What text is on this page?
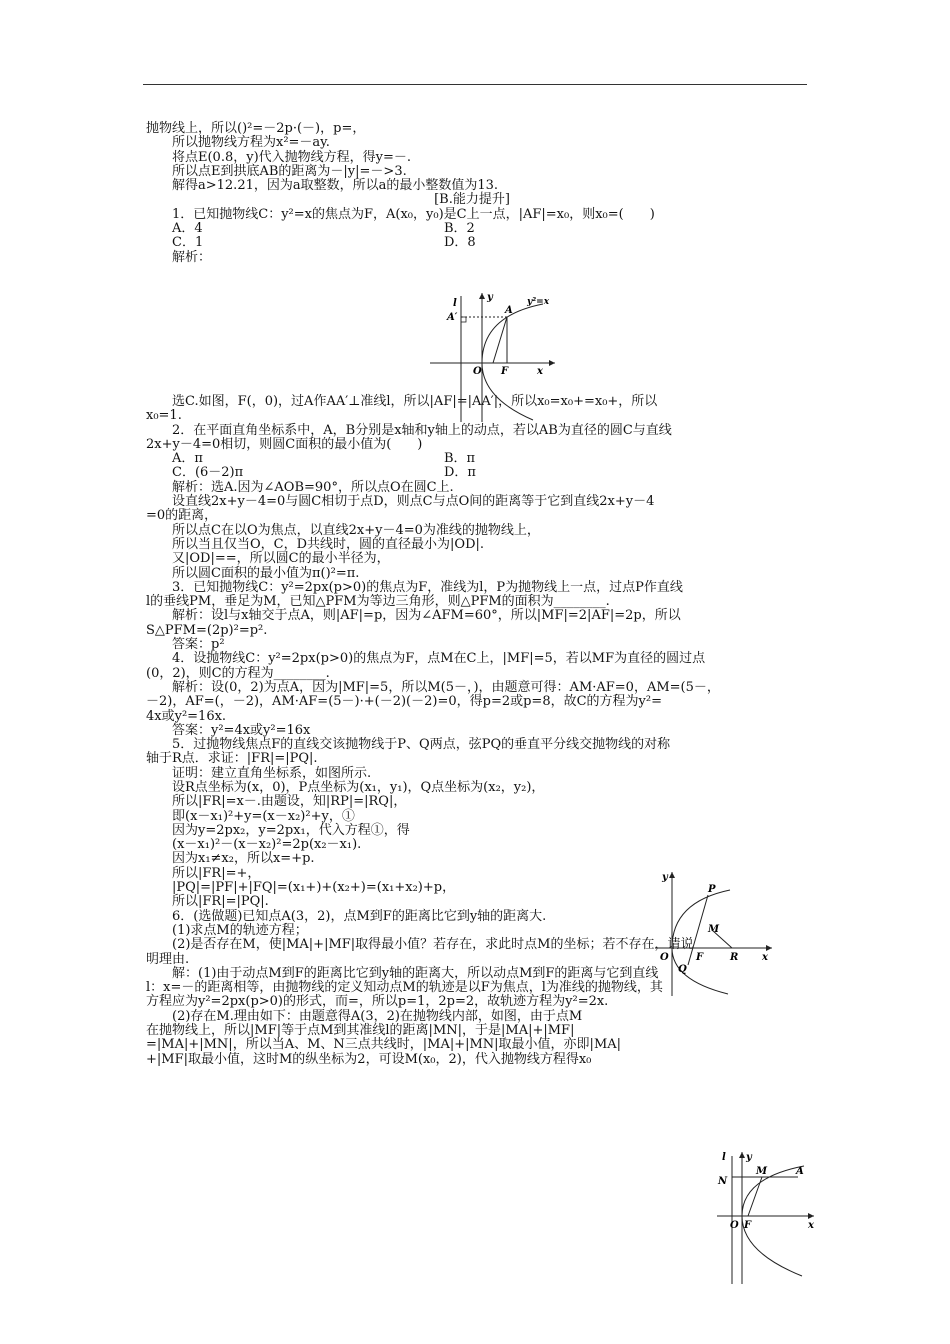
抛物线上，所以()²=－2p·(－)，p=，
所以抛物线方程为x²=－ay.
将点E(0.8，y)代入抛物线方程，得y=－.
所以点E到拱底AB的距离为－|y|=－>3.
解得a>12.21，因为a取整数，所以a的最小整数值为13.
[B.能力提升]
1．已知抛物线C：y²=x的焦点为F，A(x₀，y₀)是C上一点，|AF|=x₀，则x₀=(　　)
A．4	B．2
C．1	D．8
解析：
选C.如图，F(，0)，过A作AA′⊥准线l，所以|AF|=|AA′|，所以x₀=x₀+=x₀+，所以
x₀=1.
2．在平面直角坐标系中，A，B分别是x轴和y轴上的动点，若以AB为直径的圆C与直线
2x+y－4=0相切，则圆C面积的最小值为(　　)
A．π	B．π
C．(6－2)π	D．π
解析：选A.因为∠AOB=90°，所以点O在圆C上.
设直线2x+y－4=0与圆C相切于点D，则点C与点O间的距离等于它到直线2x+y－4
=0的距离，
所以点C在以O为焦点，以直线2x+y－4=0为准线的抛物线上，
所以当且仅当O，C，D共线时，圆的直径最小为|OD|.
又|OD|==，所以圆C的最小半径为，
所以圆C面积的最小值为π()²=π.
3．已知抛物线C：y²=2px(p>0)的焦点为F，准线为l，P为抛物线上一点，过点P作直线
l的垂线PM，垂足为M，已知△PFM为等边三角形，则△PFM的面积为________.
解析：设l与x轴交于点A，则|AF|=p，因为∠AFM=60°，所以|MF|=2|AF|=2p，所以
S△PFM=(2p)²=p².
答案：p²
4．设抛物线C：y²=2px(p>0)的焦点为F，点M在C上，|MF|=5，若以MF为直径的圆过点
(0，2)，则C的方程为________.
解析：设(0，2)为点A，因为|MF|=5，所以M(5－，)，由题意可得：AM·AF=0，AM=(5－，
－2)，AF=(，－2)，AM·AF=(5－)·+(－2)(－2)=0，得p=2或p=8，故C的方程为y²=
4x或y²=16x.
答案：y²=4x或y²=16x
5．过抛物线焦点F的直线交该抛物线于P、Q两点，弦PQ的垂直平分线交抛物线的对称
轴于R点．求证：|FR|=|PQ|.
证明：建立直角坐标系，如图所示.
设R点坐标为(x，0)，P点坐标为(x₁，y₁)，Q点坐标为(x₂，y₂)，
所以|FR|=x－.由题设，知|RP|=|RQ|，
即(x－x₁)²+y=(x－x₂)²+y，①
因为y=2px₂，y=2px₁，代入方程①，得
(x－x₁)²－(x－x₂)²=2p(x₂－x₁).
因为x₁≠x₂，所以x=+p.
所以|FR|=+，
|PQ|=|PF|+|FQ|=(x₁+)+(x₂+)=(x₁+x₂)+p，
所以|FR|=|PQ|.
6．(选做题)已知点A(3，2)，点M到F的距离比它到y轴的距离大.
(1)求点M的轨迹方程；
(2)是否存在M，使|MA|+|MF|取得最小值？若存在，求此时点M的坐标；若不存在，请说
明理由.
解：(1)由于动点M到F的距离比它到y轴的距离大，所以动点M到F的距离与它到直线
l：x=－的距离相等，由抛物线的定义知动点M的轨迹是以F为焦点，l为准线的抛物线，其
方程应为y²=2px(p>0)的形式，而=，所以p=1，2p=2，故轨迹方程为y²=2x.
(2)存在M.理由如下：由题意得A(3，2)在抛物线内部，如图，由于点M
在抛物线上，所以|MF|等于点M到其准线l的距离|MN|，于是|MA|+|MF|
=|MA|+|MN|，所以当A、M、N三点共线时，|MA|+|MN|取最小值，亦即|MA|
+|MF|取最小值，这时M的纵坐标为2，可设M(x₀，2)，代入抛物线方程得x₀
l
y
A
y²=x
A′
O F	x
y
P
M
O	F	R x
Q
l y
M	A
N
O F	x
